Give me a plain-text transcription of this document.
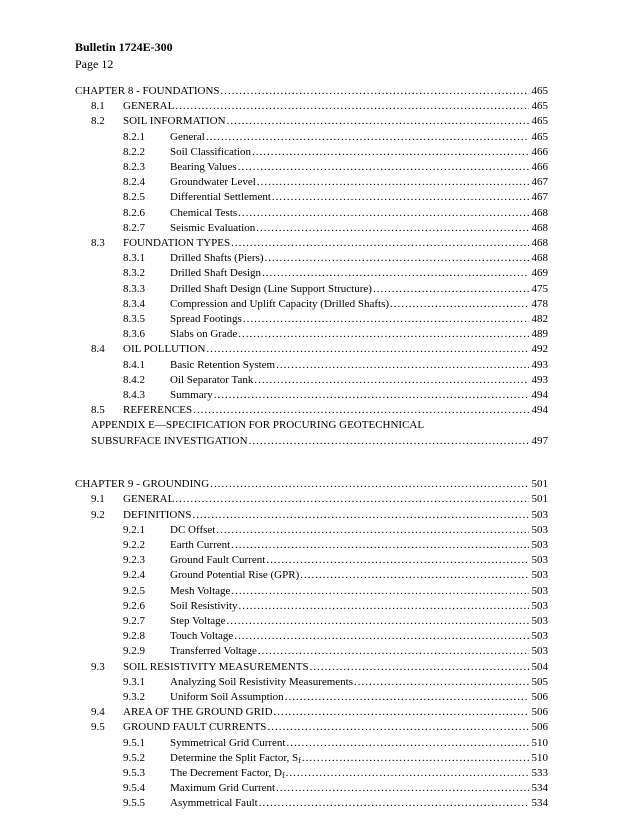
Bulletin 1724E-300
Page 12
CHAPTER 8 - FOUNDATIONS .....	465
8.1 GENERAL .....	465
8.2 SOIL INFORMATION .....	465
8.2.1 General .....	465
8.2.2 Soil Classification .....	466
8.2.3 Bearing Values .....	466
8.2.4 Groundwater Level .....	467
8.2.5 Differential Settlement .....	467
8.2.6 Chemical Tests .....	468
8.2.7 Seismic Evaluation .....	468
8.3 FOUNDATION TYPES .....	468
8.3.1 Drilled Shafts (Piers) .....	468
8.3.2 Drilled Shaft Design .....	469
8.3.3 Drilled Shaft Design (Line Support Structure) .....	475
8.3.4 Compression and Uplift Capacity (Drilled Shafts) .....	478
8.3.5 Spread Footings .....	482
8.3.6 Slabs on Grade .....	489
8.4 OIL POLLUTION .....	492
8.4.1 Basic Retention System .....	493
8.4.2 Oil Separator Tank .....	493
8.4.3 Summary .....	494
8.5 REFERENCES .....	494
APPENDIX E—SPECIFICATION FOR PROCURING GEOTECHNICAL
SUBSURFACE INVESTIGATION .....	497
CHAPTER 9 - GROUNDING .....	501
9.1 GENERAL .....	501
9.2 DEFINITIONS .....	503
9.2.1 DC Offset .....	503
9.2.2 Earth Current .....	503
9.2.3 Ground Fault Current .....	503
9.2.4 Ground Potential Rise (GPR) .....	503
9.2.5 Mesh Voltage .....	503
9.2.6 Soil Resistivity .....	503
9.2.7 Step Voltage .....	503
9.2.8 Touch Voltage .....	503
9.2.9 Transferred Voltage .....	503
9.3 SOIL RESISTIVITY MEASUREMENTS .....	504
9.3.1 Analyzing Soil Resistivity Measurements .....	505
9.3.2 Uniform Soil Assumption .....	506
9.4 AREA OF THE GROUND GRID .....	506
9.5 GROUND FAULT CURRENTS .....	506
9.5.1 Symmetrical Grid Current .....	510
9.5.2 Determine the Split Factor, $S_f$ .....	510
9.5.3 The Decrement Factor, $D_f$ .....	533
9.5.4 Maximum Grid Current .....	534
9.5.5 Asymmetrical Fault .....	534
